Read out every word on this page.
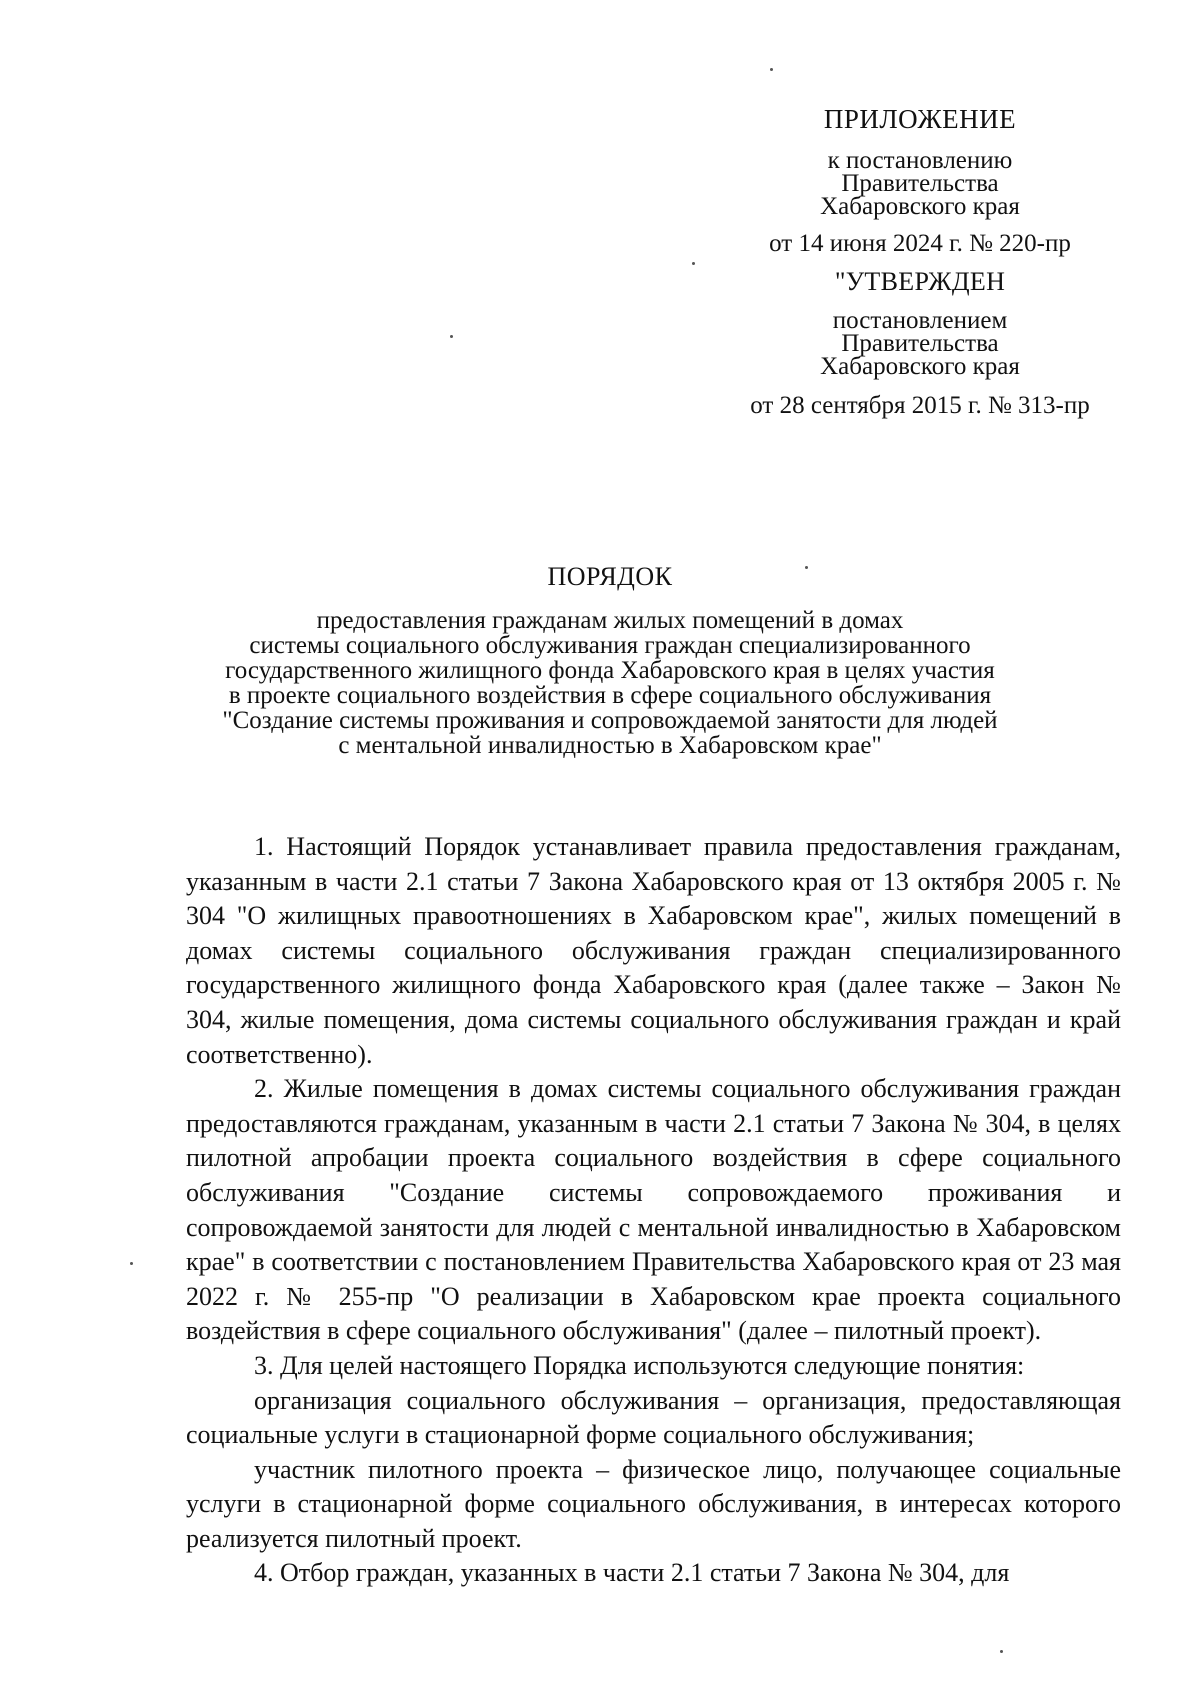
ПРИЛОЖЕНИЕ
к постановлению
Правительства
Хабаровского края
от 14 июня 2024 г. № 220-пр
"УТВЕРЖДЕН
постановлением
Правительства
Хабаровского края
от 28 сентября 2015 г. № 313-пр
ПОРЯДОК
предоставления гражданам жилых помещений в домах
системы социального обслуживания граждан специализированного
государственного жилищного фонда Хабаровского края в целях участия
в проекте социального воздействия в сфере социального обслуживания
"Создание системы проживания и сопровождаемой занятости для людей
с ментальной инвалидностью в Хабаровском крае"

1. Настоящий Порядок устанавливает правила предоставления гражданам, указанным в части 2.1 статьи 7 Закона Хабаровского края от 13 октября 2005 г. № 304 "О жилищных правоотношениях в Хабаровском крае", жилых помещений в домах системы социального обслуживания граждан специализированного государственного жилищного фонда Хабаровского края (далее также – Закон № 304, жилые помещения, дома системы социального обслуживания граждан и край соответственно).

2. Жилые помещения в домах системы социального обслуживания граждан предоставляются гражданам, указанным в части 2.1 статьи 7 Закона № 304, в целях пилотной апробации проекта социального воздействия в сфере социального обслуживания "Создание системы сопровождаемого проживания и сопровождаемой занятости для людей с ментальной инвалидностью в Хабаровском крае" в соответствии с постановлением Правительства Хабаровского края от 23 мая 2022 г. № 255-пр "О реализации в Хабаровском крае проекта социального воздействия в сфере социального обслуживания" (далее – пилотный проект).

3. Для целей настоящего Порядка используются следующие понятия:

организация социального обслуживания – организация, предоставляющая социальные услуги в стационарной форме социального обслуживания;

участник пилотного проекта – физическое лицо, получающее социальные услуги в стационарной форме социального обслуживания, в интересах которого реализуется пилотный проект.

4. Отбор граждан, указанных в части 2.1 статьи 7 Закона № 304, для
